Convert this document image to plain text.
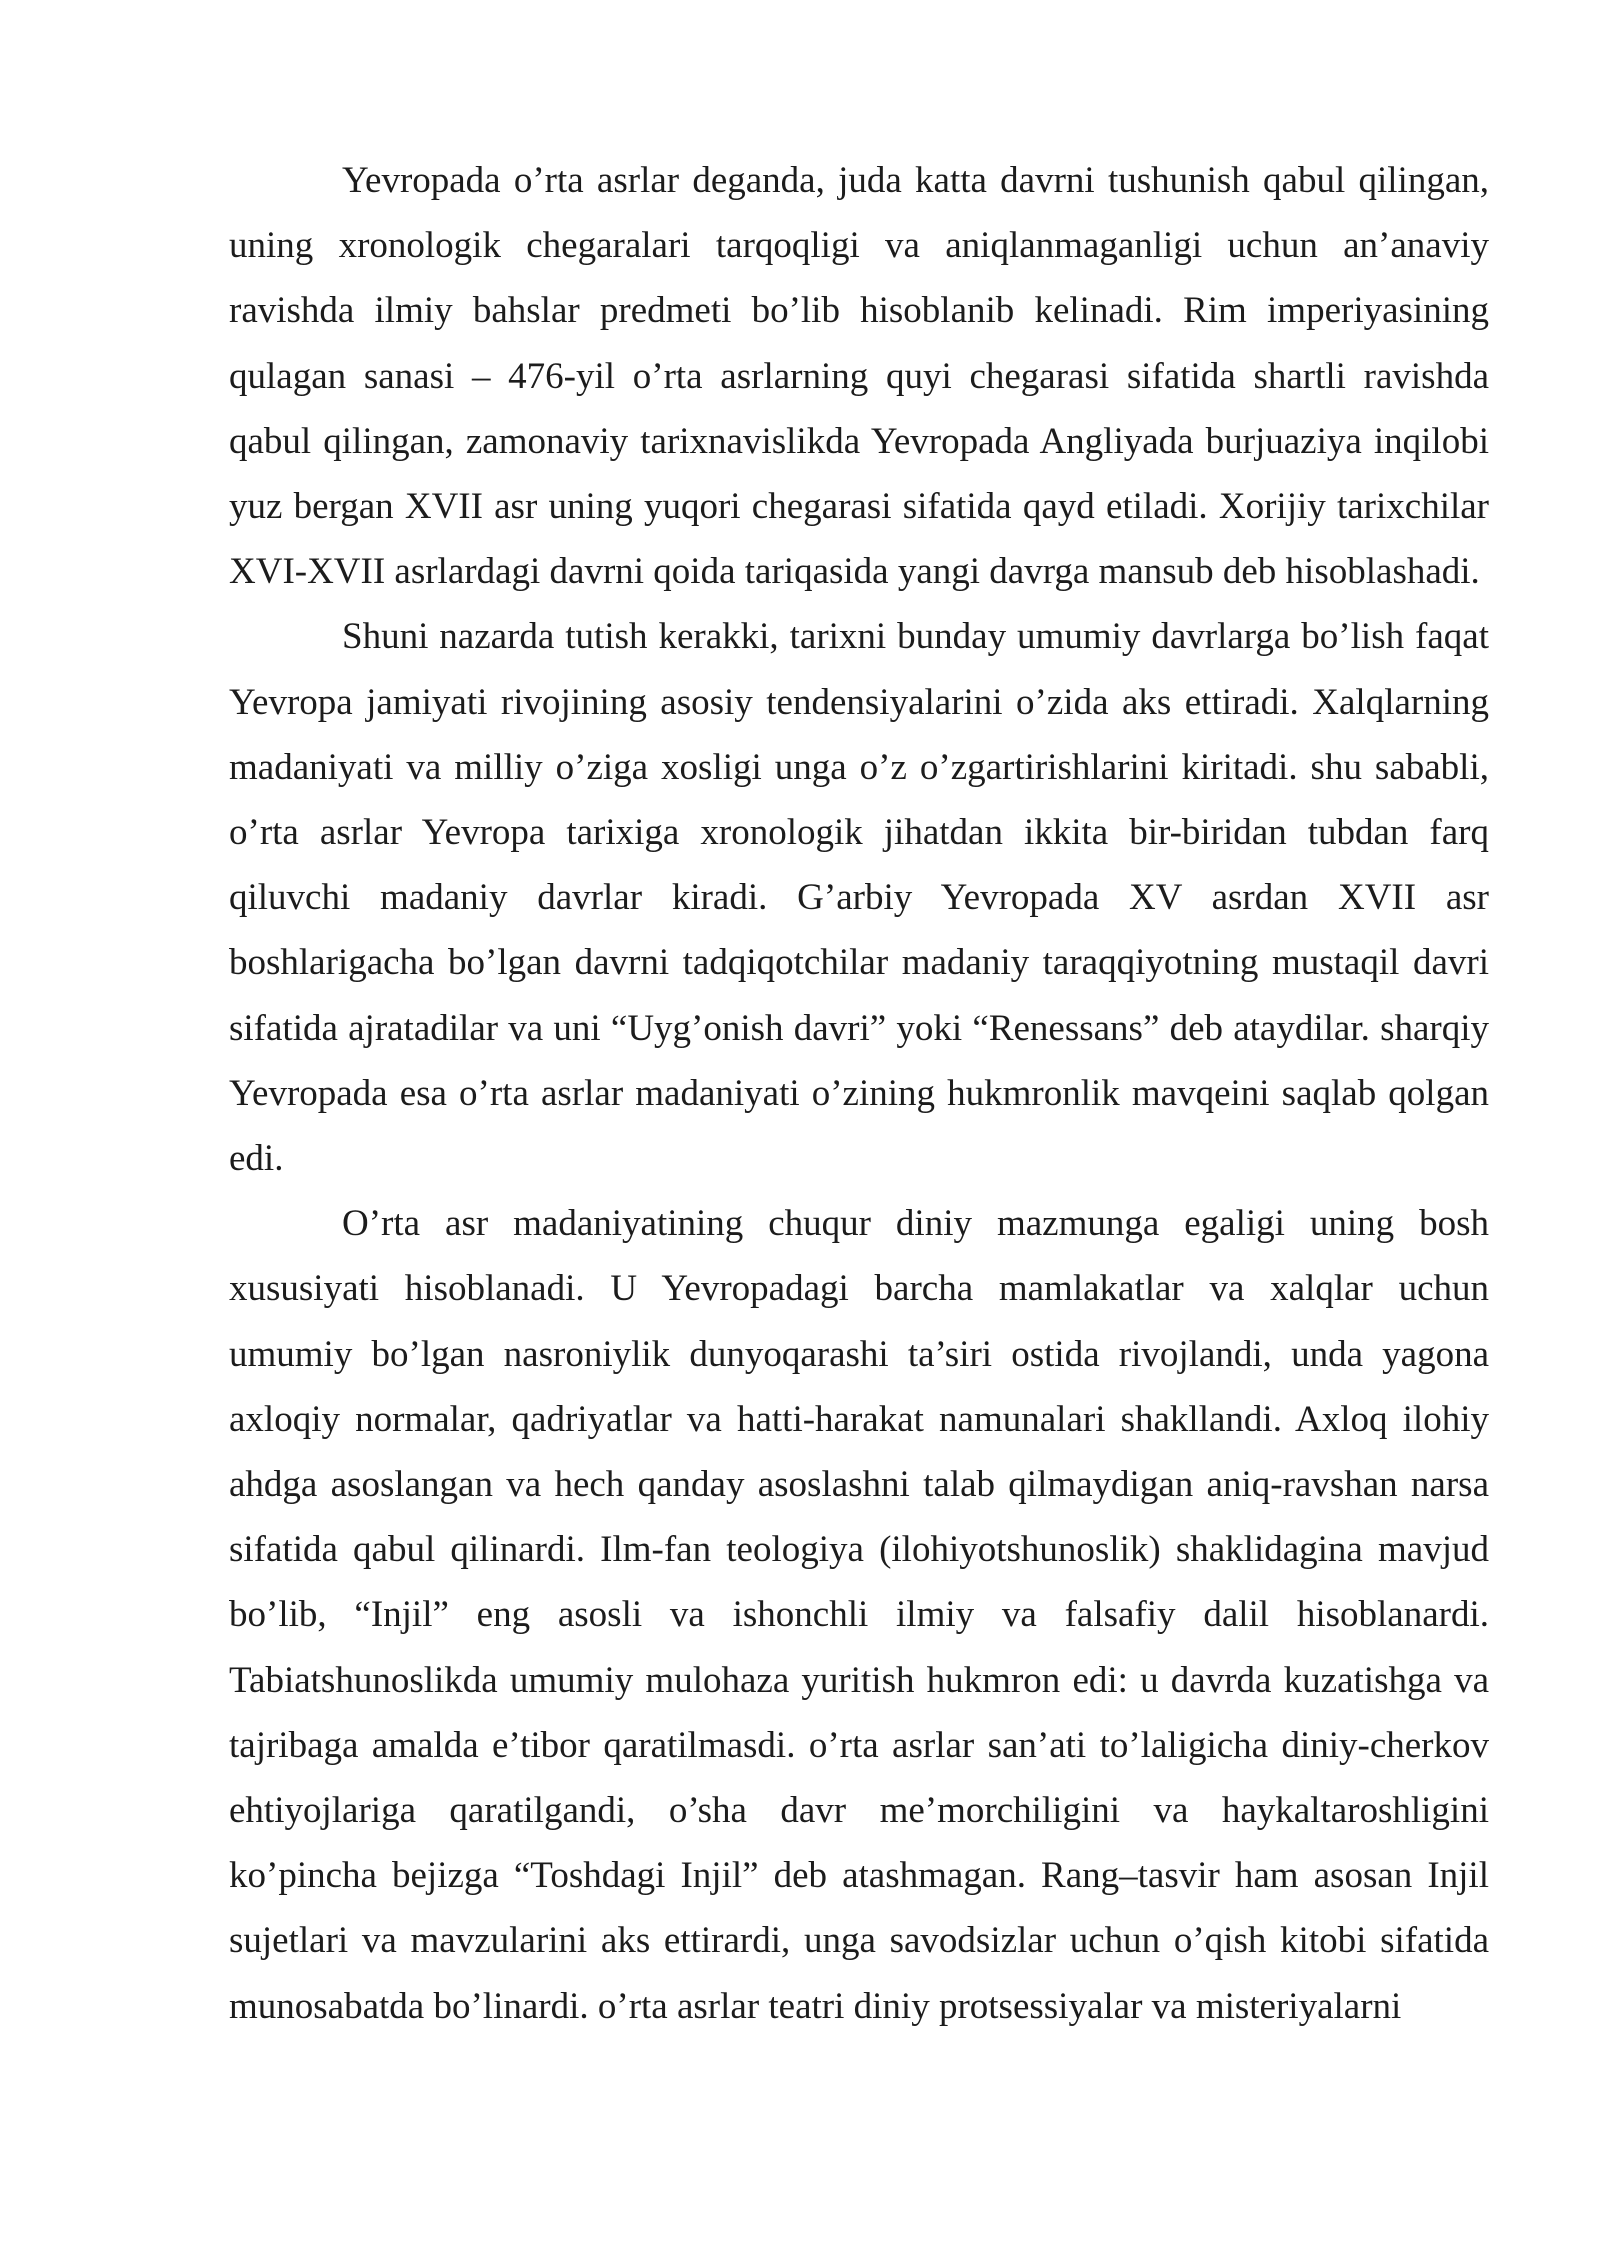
Yevropada o’rta asrlar deganda, juda katta davrni tushunish qabul qilingan, uning xronologik chegaralari tarqoqligi va aniqlanmaganligi uchun an’anaviy ravishda ilmiy bahslar predmeti bo’lib hisoblanib kelinadi. Rim imperiyasining qulagan sanasi – 476-yil o’rta asrlarning quyi chegarasi sifatida shartli ravishda qabul qilingan, zamonaviy tarixnavislikda Yevropada Angliyada burjuaziya inqilobi yuz bergan XVII asr uning yuqori chegarasi sifatida qayd etiladi. Xorijiy tarixchilar XVI-XVII asrlardagi davrni qoida tariqasida yangi davrga mansub deb hisoblashadi.

Shuni nazarda tutish kerakki, tarixni bunday umumiy davrlarga bo’lish faqat Yevropa jamiyati rivojining asosiy tendensiyalarini o’zida aks ettiradi. Xalqlarning madaniyati va milliy o’ziga xosligi unga o’z o’zgartirishlarini kiritadi. shu sababli, o’rta asrlar Yevropa tarixiga xronologik jihatdan ikkita bir-biridan tubdan farq qiluvchi madaniy davrlar kiradi. G’arbiy Yevropada XV asrdan XVII asr boshlarigacha bo’lgan davrni tadqiqotchilar madaniy taraqqiyotning mustaqil davri sifatida ajratadilar va uni “Uyg’onish davri” yoki “Renessans” deb ataydilar. sharqiy Yevropada esa o’rta asrlar madaniyati o’zining hukmronlik mavqeini saqlab qolgan edi.

O’rta asr madaniyatining chuqur diniy mazmunga egaligi uning bosh xususiyati hisoblanadi. U Yevropadagi barcha mamlakatlar va xalqlar uchun umumiy bo’lgan nasroniylik dunyoqarashi ta’siri ostida rivojlandi, unda yagona axloqiy normalar, qadriyatlar va hatti-harakat namunalari shakllandi. Axloq ilohiy ahdga asoslangan va hech qanday asoslashni talab qilmaydigan aniq-ravshan narsa sifatida qabul qilinardi. Ilm-fan teologiya (ilohiyotshunoslik) shaklidagina mavjud bo’lib, “Injil” eng asosli va ishonchli ilmiy va falsafiy dalil hisoblanardi. Tabiatshunoslikda umumiy mulohaza yuritish hukmron edi: u davrda kuzatishga va tajribaga amalda e’tibor qaratilmasdi. o’rta asrlar san’ati to’laligicha diniy-cherkov ehtiyojlariga qaratilgandi, o’sha davr me’morchiligini va haykaltaroshligini ko’pincha bejizga “Toshdagi Injil” deb atashmagan. Rang–tasvir ham asosan Injil sujetlari va mavzularini aks ettirardi, unga savodsizlar uchun o’qish kitobi sifatida munosabatda bo’linardi. o’rta asrlar teatri diniy protsessiyalar va misteriyalarni
